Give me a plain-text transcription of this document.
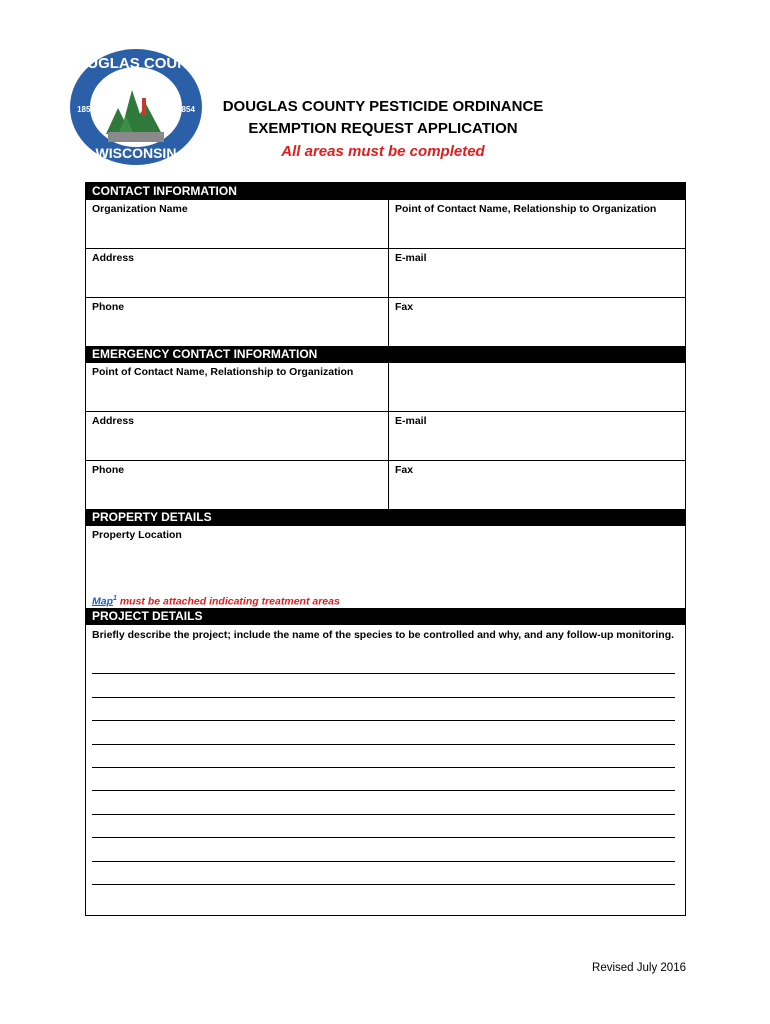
DOUGLAS COUNTY
WISCONSIN
1854	1854	DOUGLAS COUNTY PESTICIDE ORDINANCE
EXEMPTION REQUEST APPLICATION
All areas must be completed
CONTACT INFORMATION
Organization Name	Point of Contact Name, Relationship to Organization
Address	E-mail
Phone	Fax
EMERGENCY CONTACT INFORMATION
Point of Contact Name, Relationship to Organization
Address	E-mail
Phone	Fax
PROPERTY DETAILS
Property Location
Map$^1$ must be attached indicating treatment areas
PROJECT DETAILS
Briefly describe the project; include the name of the species to be controlled and why, and any follow-up monitoring.
Revised July 2016
